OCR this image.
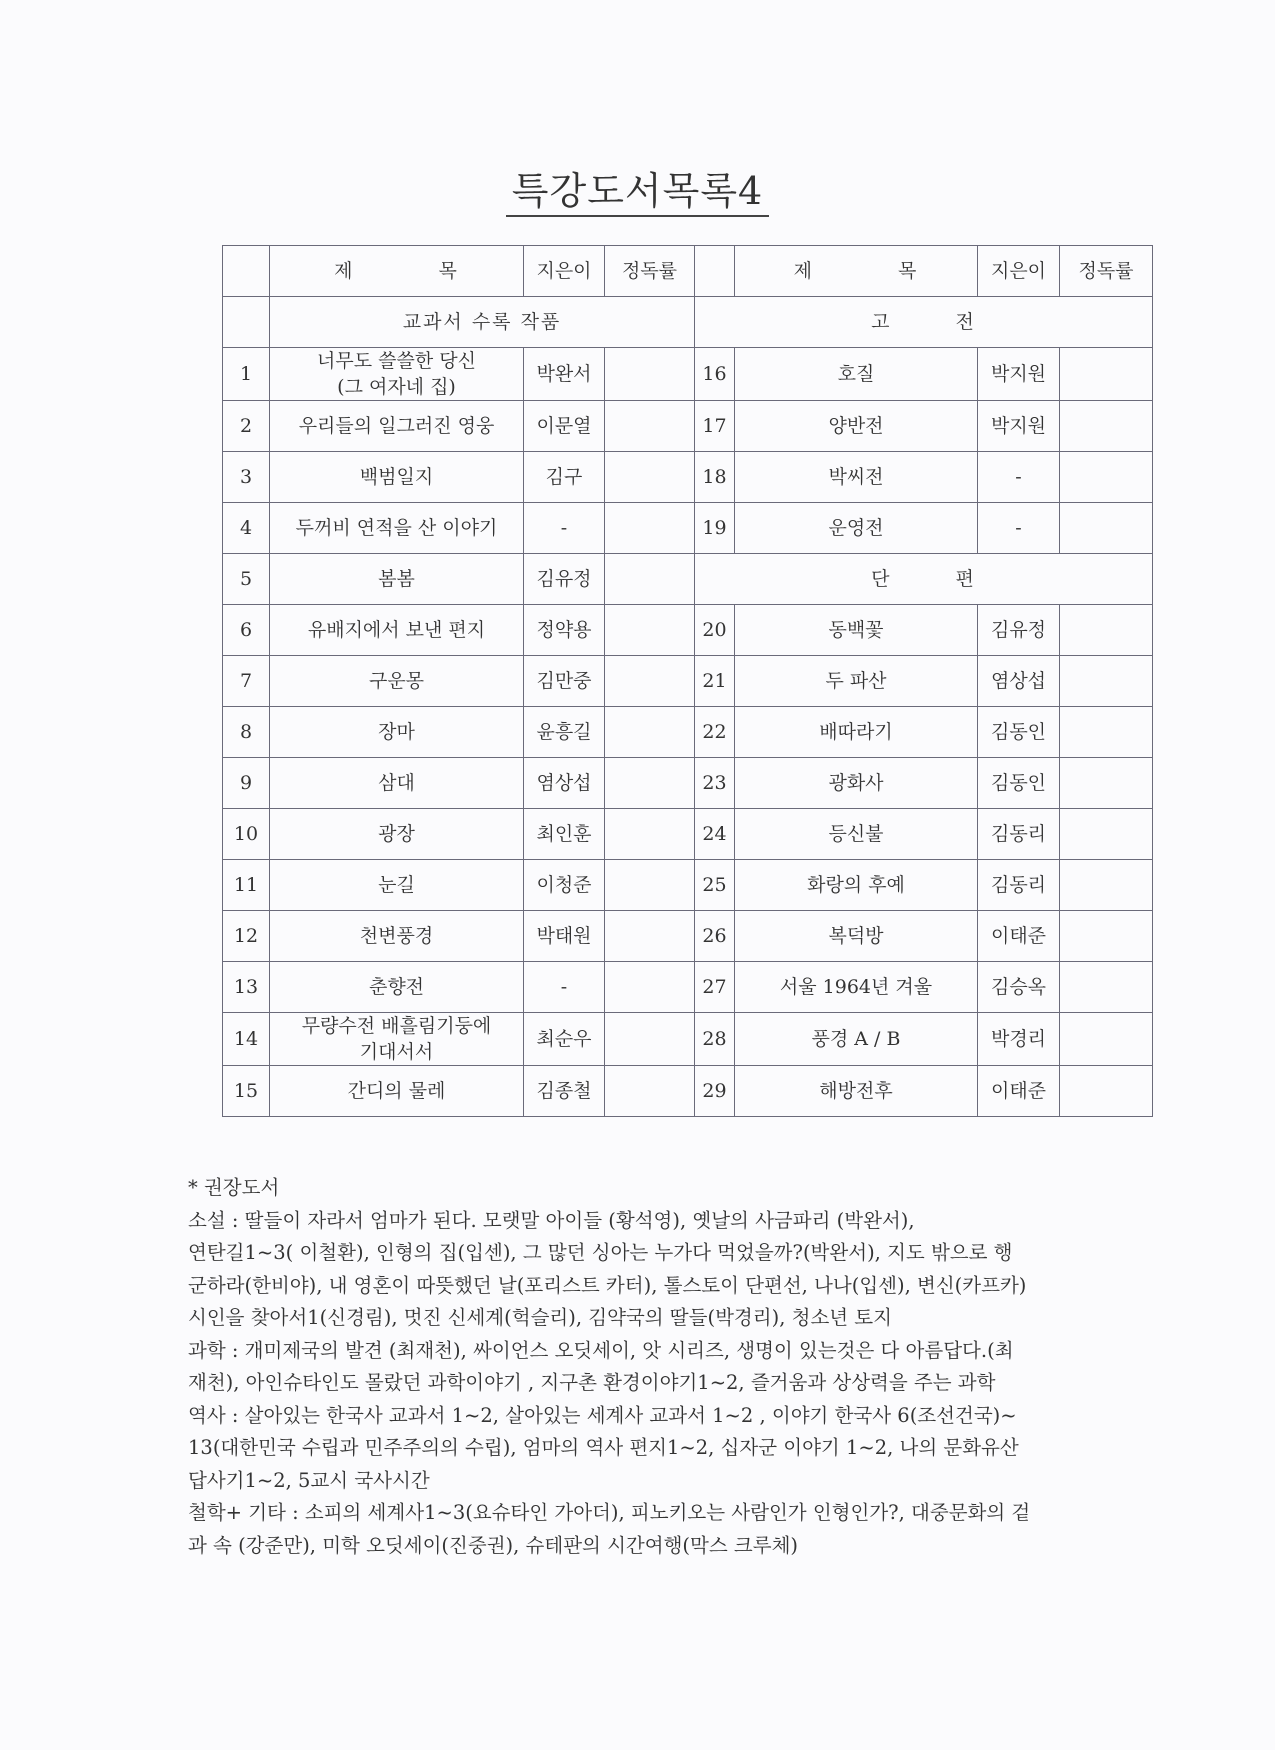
특강도서목록4
	제 목	지은이	정독률		제 목	지은이	정독률
	교과서 수록 작품			고 전			
1	너무도 쓸쓸한 당신
(그 여자네 집)	박완서		16	호질	박지원	
2	우리들의 일그러진 영웅	이문열		17	양반전	박지원	
3	백범일지	김구		18	박씨전	-	
4	두꺼비 연적을 산 이야기	-		19	운영전	-	
5	봄봄	김유정		단 편			
6	유배지에서 보낸 편지	정약용		20	동백꽃	김유정	
7	구운몽	김만중		21	두 파산	염상섭	
8	장마	윤흥길		22	배따라기	김동인	
9	삼대	염상섭		23	광화사	김동인	
10	광장	최인훈		24	등신불	김동리	
11	눈길	이청준		25	화랑의 후예	김동리	
12	천변풍경	박태원		26	복덕방	이태준	
13	춘향전	-		27	서울 1964년 겨울	김승옥	
14	무량수전 배흘림기둥에
기대서서	최순우		28	풍경 A / B	박경리	
15	간디의 물레	김종철		29	해방전후	이태준	
* 권장도서
소설 : 딸들이 자라서 엄마가 된다. 모랫말 아이들 (황석영), 옛날의 사금파리 (박완서),
연탄길1~3( 이철환), 인형의 집(입센), 그 많던 싱아는 누가다 먹었을까?(박완서), 지도 밖으로 행
군하라(한비야), 내 영혼이 따뜻했던 날(포리스트 카터), 톨스토이 단편선, 나나(입센), 변신(카프카)
시인을 찾아서1(신경림), 멋진 신세계(헉슬리), 김약국의 딸들(박경리), 청소년 토지
과학 : 개미제국의 발견 (최재천), 싸이언스 오딧세이, 앗 시리즈, 생명이 있는것은 다 아름답다.(최
재천), 아인슈타인도 몰랐던 과학이야기 , 지구촌 환경이야기1~2, 즐거움과 상상력을 주는 과학
역사 : 살아있는 한국사 교과서 1~2, 살아있는 세계사 교과서 1~2 , 이야기 한국사 6(조선건국)~
13(대한민국 수립과 민주주의의 수립), 엄마의 역사 편지1~2, 십자군 이야기 1~2, 나의 문화유산
답사기1~2, 5교시 국사시간
철학+ 기타 : 소피의 세계사1~3(요슈타인 가아더), 피노키오는 사람인가 인형인가?, 대중문화의 겉
과 속 (강준만), 미학 오딧세이(진중권), 슈테판의 시간여행(막스 크루체)
